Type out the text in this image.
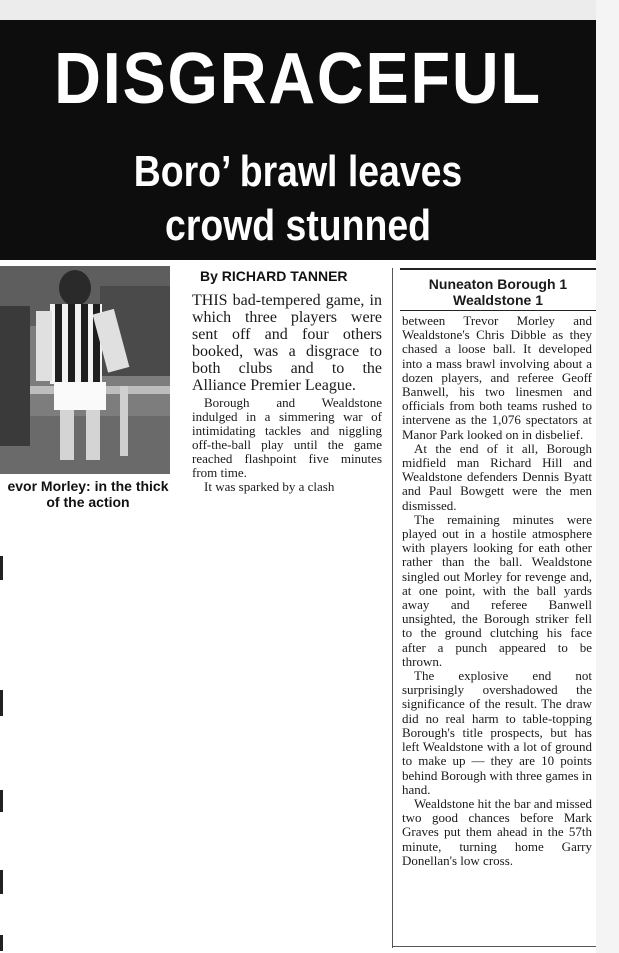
DISGRACEFUL
Boro’ brawl leaves
crowd stunned
evor Morley: in the thick of the action
By RICHARD TANNER

THIS bad-tempered game, in which three players were sent off and four others booked, was a disgrace to both clubs and to the Alliance Premier League.

Borough and Wealdstone indulged in a simmering war of intimidating tackles and niggling off-the-ball play until the game reached flashpoint five minutes from time.

It was sparked by a clash

Nuneaton Borough 1
Wealdstone 1

between Trevor Morley and Wealdstone's Chris Dibble as they chased a loose ball. It developed into a mass brawl involving about a dozen players, and referee Geoff Banwell, his two linesmen and officials from both teams rushed to intervene as the 1,076 spectators at Manor Park looked on in disbelief.

At the end of it all, Borough midfield man Richard Hill and Wealdstone defenders Dennis Byatt and Paul Bowgett were the men dismissed.

The remaining minutes were played out in a hostile atmosphere with players looking for eath other rather than the ball. Wealdstone singled out Morley for revenge and, at one point, with the ball yards away and referee Banwell unsighted, the Borough striker fell to the ground clutching his face after a punch appeared to be thrown.

The explosive end not surprisingly overshadowed the significance of the result. The draw did no real harm to table-topping Borough's title prospects, but has left Wealdstone with a lot of ground to make up — they are 10 points behind Borough with three games in hand.

Wealdstone hit the bar and missed two good chances before Mark Graves put them ahead in the 57th minute, turning home Garry Donellan's low cross.
